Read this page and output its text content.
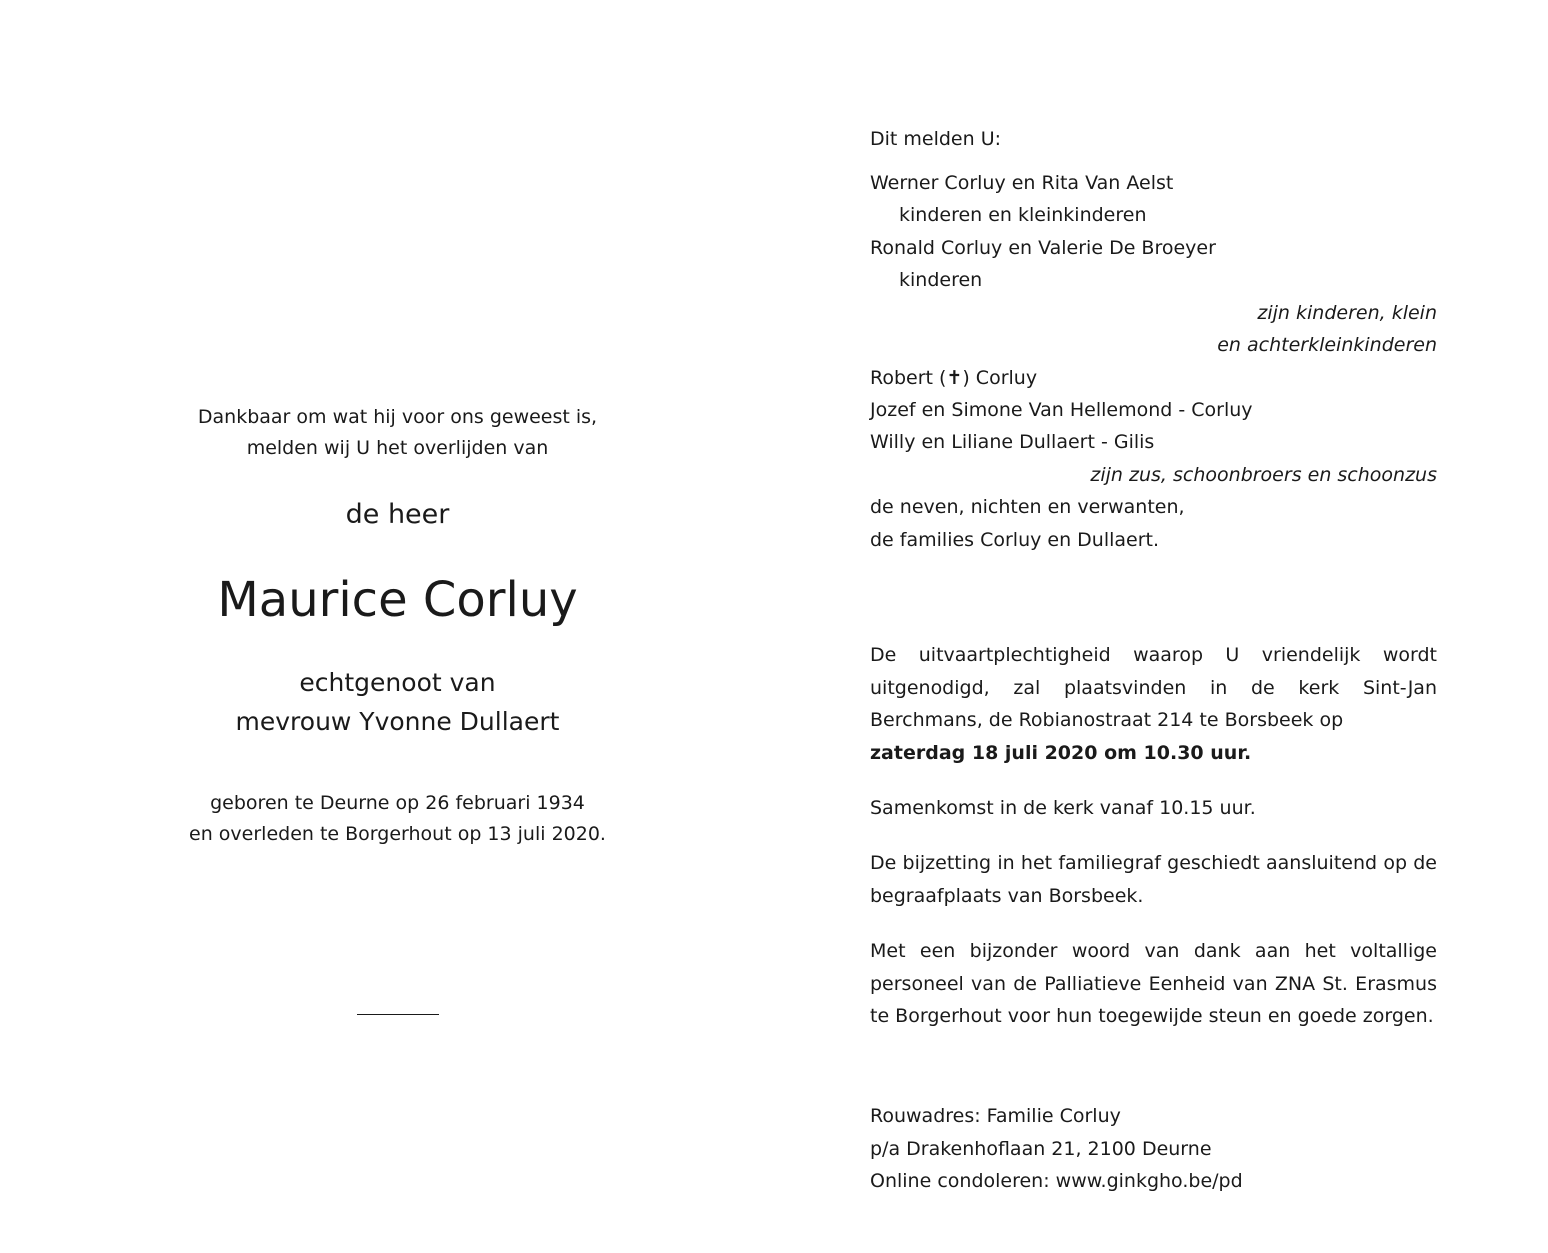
Dankbaar om wat hij voor ons geweest is,
melden wij U het overlijden van
de heer
Maurice Corluy
echtgenoot van
mevrouw Yvonne Dullaert
geboren te Deurne op 26 februari 1934
en overleden te Borgerhout op 13 juli 2020.
Dit melden U:
Werner Corluy en Rita Van Aelst
kinderen en kleinkinderen
Ronald Corluy en Valerie De Broeyer
kinderen
zijn kinderen, klein
en achterkleinkinderen
Robert (✝) Corluy
Jozef en Simone Van Hellemond - Corluy
Willy en Liliane Dullaert - Gilis
zijn zus, schoonbroers en schoonzus
de neven, nichten en verwanten,
de families Corluy en Dullaert.
De uitvaartplechtigheid waarop U vriendelijk wordt uitgenodigd, zal plaatsvinden in de kerk Sint-Jan Berchmans, de Robianostraat 214 te Borsbeek op
zaterdag 18 juli 2020 om 10.30 uur.
Samenkomst in de kerk vanaf 10.15 uur.
De bijzetting in het familiegraf geschiedt aansluitend op de begraafplaats van Borsbeek.
Met een bijzonder woord van dank aan het voltallige personeel van de Palliatieve Eenheid van ZNA St. Erasmus te Borgerhout voor hun toegewijde steun en goede zorgen.
Rouwadres: Familie Corluy
p/a Drakenhoflaan 21, 2100 Deurne
Online condoleren: www.ginkgho.be/pd
